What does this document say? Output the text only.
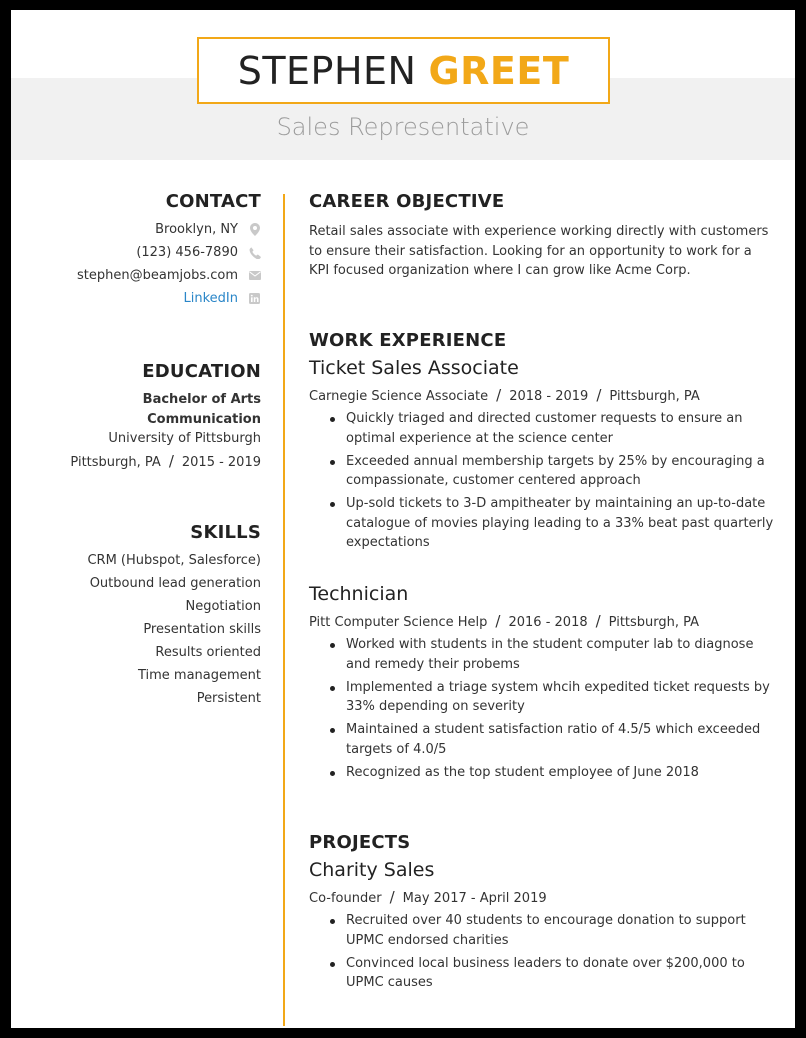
STEPHEN GREET
Sales Representative
CONTACT
Brooklyn, NY
(123) 456-7890
stephen@beamjobs.com
LinkedIn
EDUCATION
Bachelor of Arts
Communication
University of Pittsburgh
Pittsburgh, PA / 2015 - 2019
SKILLS
CRM (Hubspot, Salesforce)
Outbound lead generation
Negotiation
Presentation skills
Results oriented
Time management
Persistent
CAREER OBJECTIVE
Retail sales associate with experience working directly with customers to ensure their satisfaction. Looking for an opportunity to work for a KPI focused organization where I can grow like Acme Corp.
WORK EXPERIENCE
Ticket Sales Associate
Carnegie Science Associate / 2018 - 2019 / Pittsburgh, PA
Quickly triaged and directed customer requests to ensure an optimal experience at the science center
Exceeded annual membership targets by 25% by encouraging a compassionate, customer centered approach
Up-sold tickets to 3-D ampitheater by maintaining an up-to-date catalogue of movies playing leading to a 33% beat past quarterly expectations
Technician
Pitt Computer Science Help / 2016 - 2018 / Pittsburgh, PA
Worked with students in the student computer lab to diagnose and remedy their probems
Implemented a triage system whcih expedited ticket requests by 33% depending on severity
Maintained a student satisfaction ratio of 4.5/5 which exceeded targets of 4.0/5
Recognized as the top student employee of June 2018
PROJECTS
Charity Sales
Co-founder / May 2017 - April 2019
Recruited over 40 students to encourage donation to support UPMC endorsed charities
Convinced local business leaders to donate over $200,000 to UPMC causes
